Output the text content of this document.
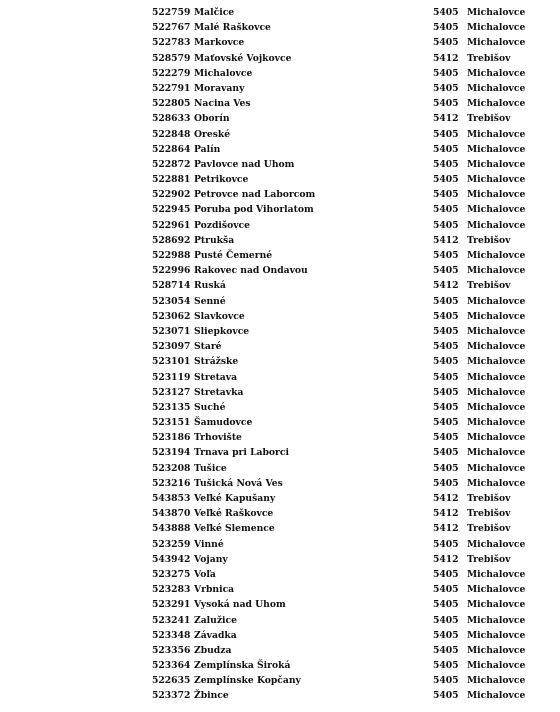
522759 Malčice	5405 Michalovce
522767 Malé Raškovce	5405 Michalovce
522783 Markovce	5405 Michalovce
528579 Maťovské Vojkovce	5412 Trebišov
522279 Michalovce	5405 Michalovce
522791 Moravany	5405 Michalovce
522805 Nacina Ves	5405 Michalovce
528633 Oborín	5412 Trebišov
522848 Oreské	5405 Michalovce
522864 Palín	5405 Michalovce
522872 Pavlovce nad Uhom	5405 Michalovce
522881 Petrikovce	5405 Michalovce
522902 Petrovce nad Laborcom	5405 Michalovce
522945 Poruba pod Vihorlatom	5405 Michalovce
522961 Pozdišovce	5405 Michalovce
528692 Ptrukša	5412 Trebišov
522988 Pusté Čemerné	5405 Michalovce
522996 Rakovec nad Ondavou	5405 Michalovce
528714 Ruská	5412 Trebišov
523054 Senné	5405 Michalovce
523062 Slavkovce	5405 Michalovce
523071 Sliepkovce	5405 Michalovce
523097 Staré	5405 Michalovce
523101 Strážske	5405 Michalovce
523119 Stretava	5405 Michalovce
523127 Stretavka	5405 Michalovce
523135 Suché	5405 Michalovce
523151 Šamudovce	5405 Michalovce
523186 Trhovište	5405 Michalovce
523194 Trnava pri Laborci	5405 Michalovce
523208 Tušice	5405 Michalovce
523216 Tušická Nová Ves	5405 Michalovce
543853 Veľké Kapušany	5412 Trebišov
543870 Veľké Raškovce	5412 Trebišov
543888 Veľké Slemence	5412 Trebišov
523259 Vinné	5405 Michalovce
543942 Vojany	5412 Trebišov
523275 Voľa	5405 Michalovce
523283 Vrbnica	5405 Michalovce
523291 Vysoká nad Uhom	5405 Michalovce
523241 Zalužice	5405 Michalovce
523348 Závadka	5405 Michalovce
523356 Zbudza	5405 Michalovce
523364 Zemplínska Široká	5405 Michalovce
522635 Zemplínske Kopčany	5405 Michalovce
523372 Žbince	5405 Michalovce
